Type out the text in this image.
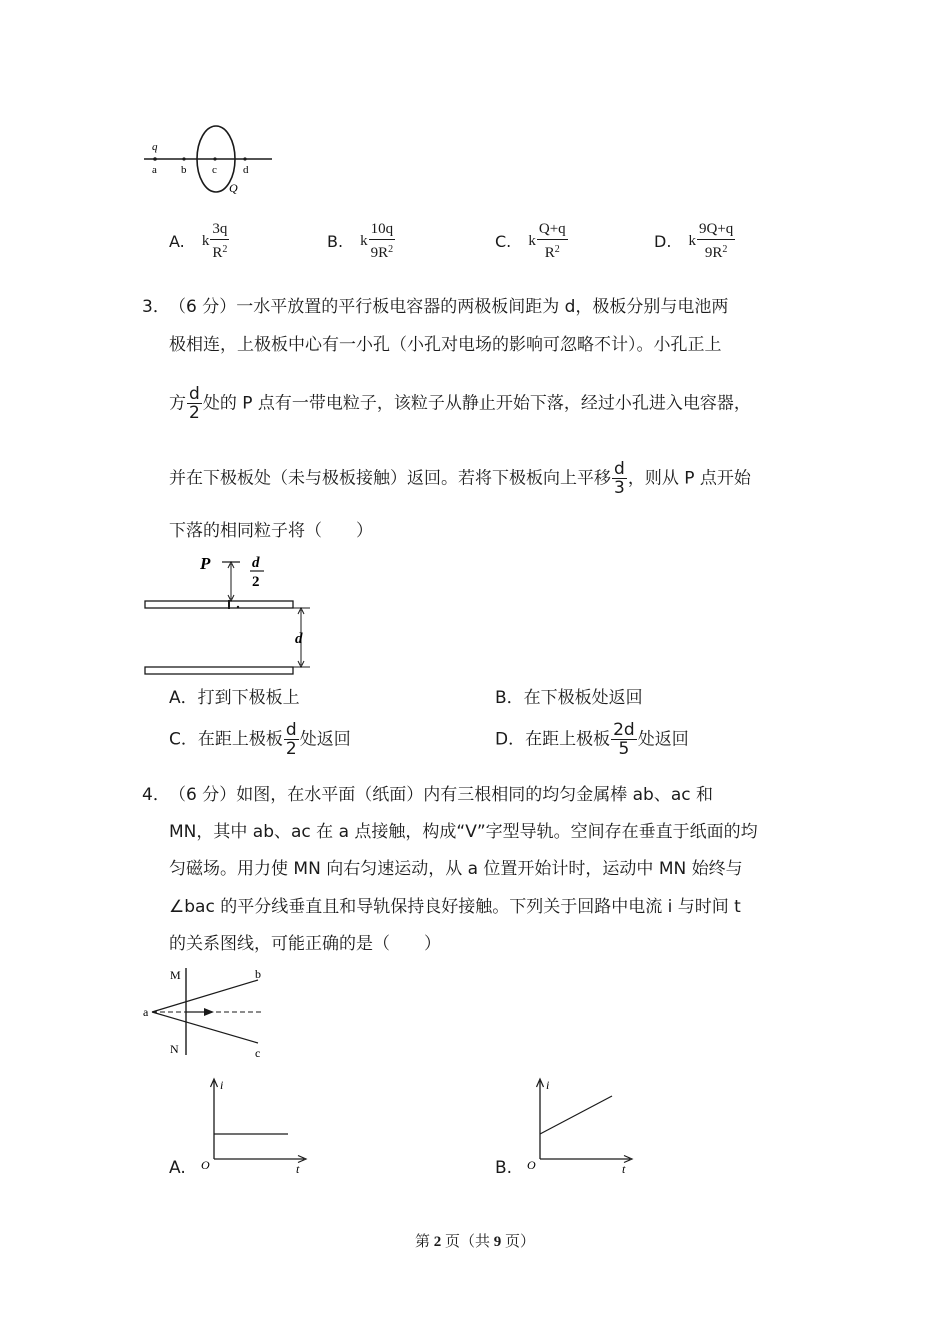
q
a b c d
Q
A. k $\frac{3q}{R^2}$	B. k $\frac{10q}{9R^2}$	C. k $\frac{Q+q}{R^2}$	D. k $\frac{9Q+q}{9R^2}$
3． （6 分）一水平放置的平行板电容器的两极板间距为 d，极板分别与电池两
极相连，上极板中心有一小孔（小孔对电场的影响可忽略不计）。小孔正上
方 $\frac{d}{2}$ 处的 P 点有一带电粒子，该粒子从静止开始下落，经过小孔进入电容器，
并在下极板处（未与极板接触）返回。若将下极板向上平移 $\frac{d}{3}$ ，则从 P 点开始
下落的相同粒子将（　　）
P	d
2
d
A．打到下极板上	B．在下极板处返回
C．在距上极板 $\frac{d}{2}$ 处返回	D．在距上极板 $\frac{2d}{5}$ 处返回
4． （6 分）如图，在水平面（纸面）内有三根相同的均匀金属棒 ab、ac 和
MN，其中 ab、ac 在 a 点接触，构成“V”字型导轨。空间存在垂直于纸面的均
匀磁场。用力使 MN 向右匀速运动，从 a 位置开始计时，运动中 MN 始终与
∠bac 的平分线垂直且和导轨保持良好接触。下列关于回路中电流 i 与时间 t
的关系图线，可能正确的是（　　）
M
N
a
b
c
A.
i
O	t	B.
i
O	t
第 2 页（共 9 页）
